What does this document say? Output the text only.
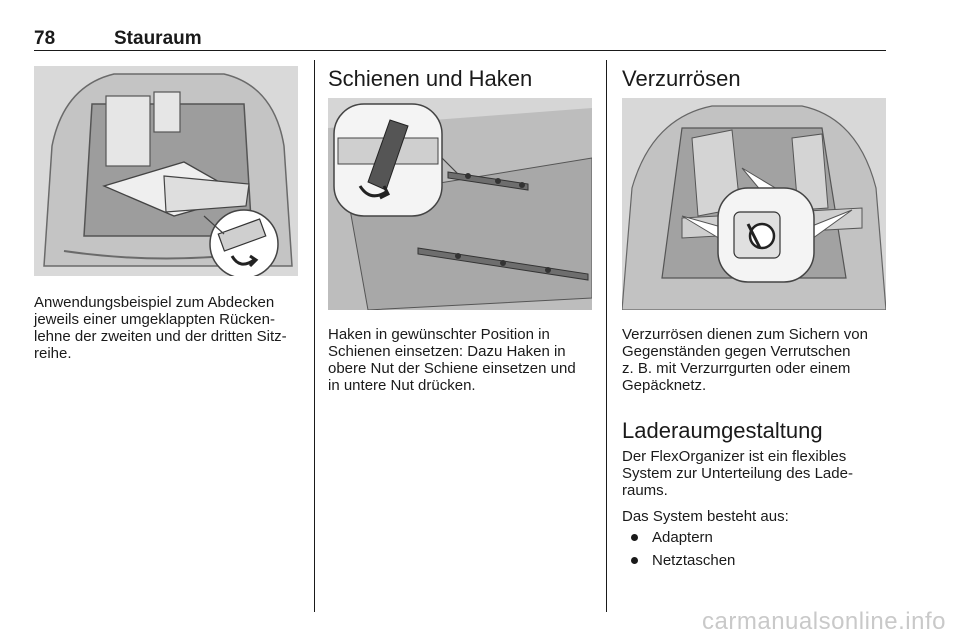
78	Stauraum
Anwendungsbeispiel zum Abdecken
jeweils einer umgeklappten Rücken-
lehne der zweiten und der dritten Sitz-
reihe.
Schienen und Haken
Haken in gewünschter Position in
Schienen einsetzen: Dazu Haken in
obere Nut der Schiene einsetzen und
in untere Nut drücken.
Verzurrösen
Verzurrösen dienen zum Sichern von
Gegenständen gegen Verrutschen
z. B. mit Verzurrgurten oder einem
Gepäcknetz.
Laderaumgestaltung
Der FlexOrganizer ist ein flexibles
System zur Unterteilung des Lade-
raums.
Das System besteht aus:
Adaptern
Netztaschen
carmanualsonline.info
